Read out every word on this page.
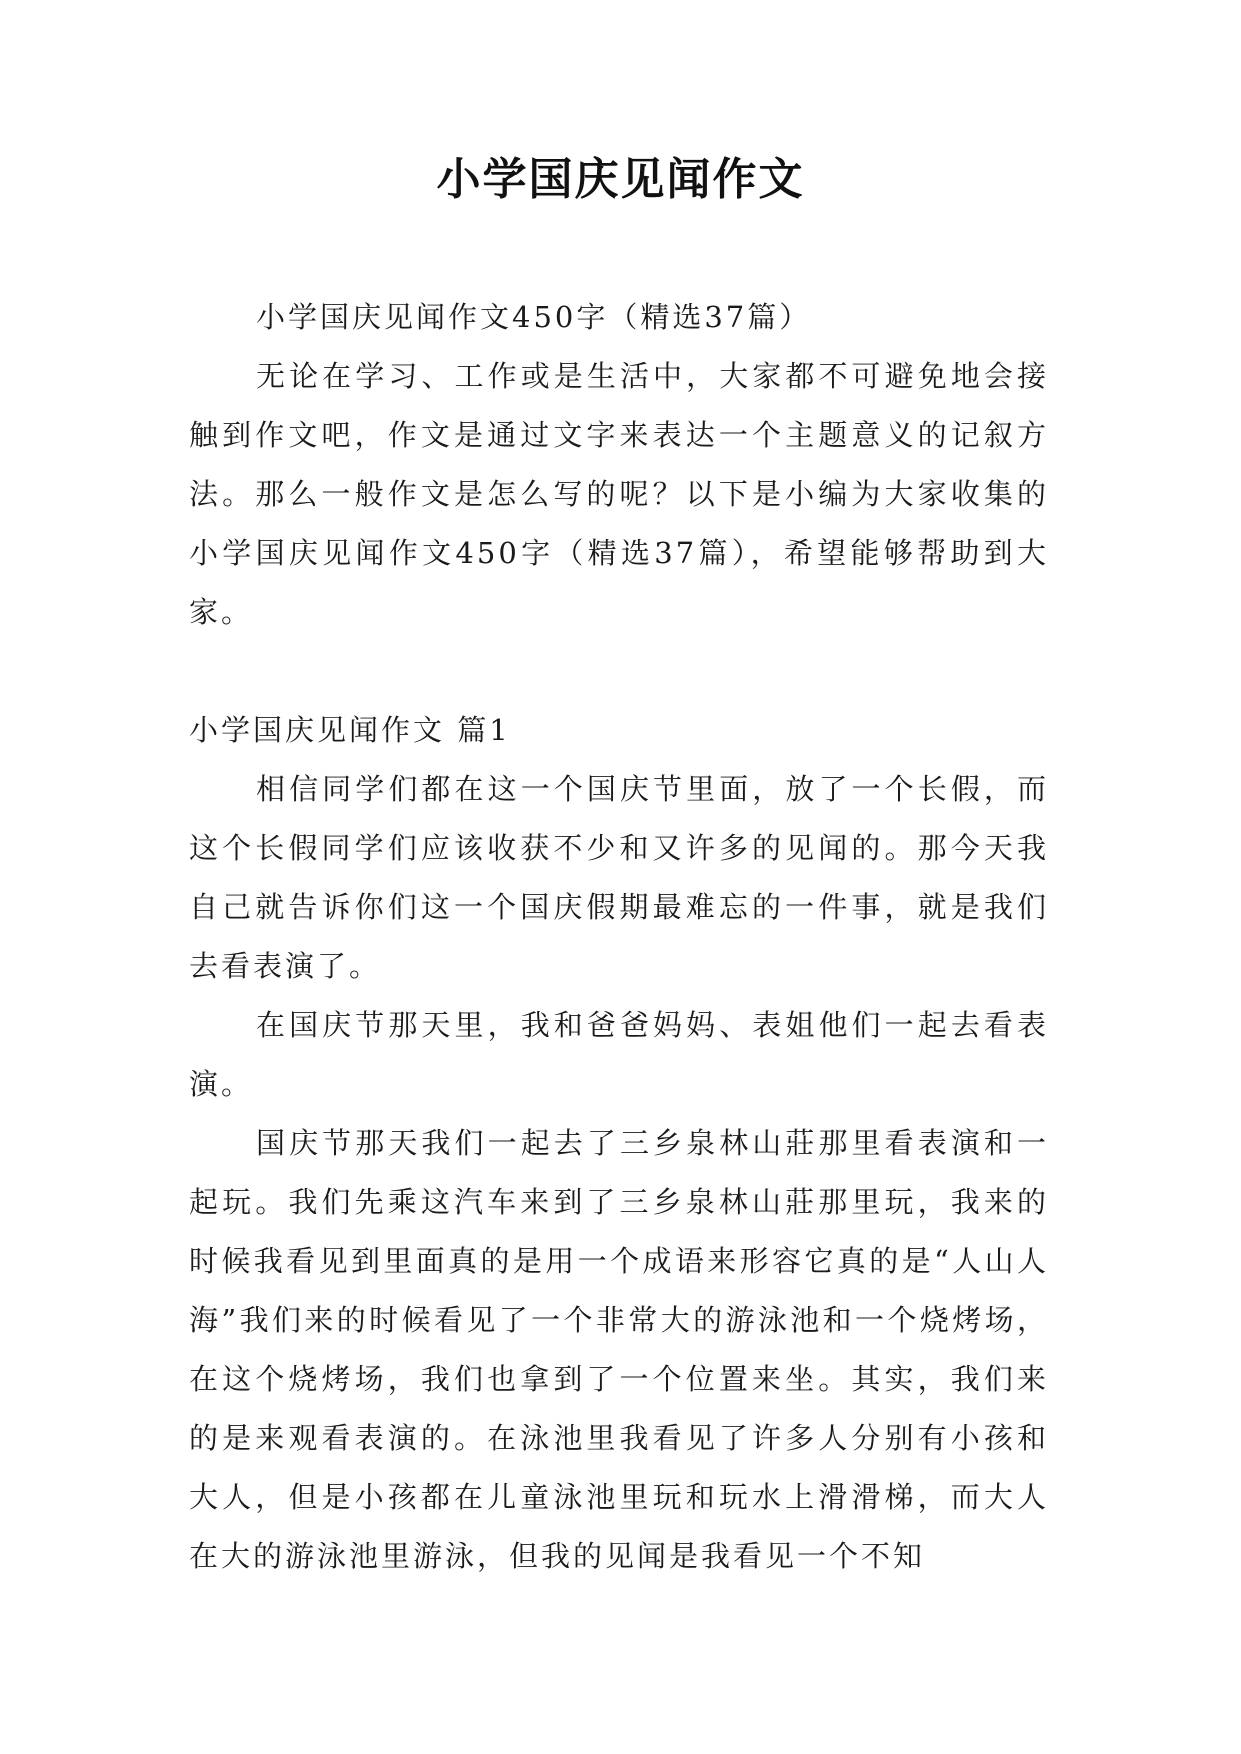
小学国庆见闻作文

小学国庆见闻作文450字（精选37篇）

无论在学习、工作或是生活中，大家都不可避免地会接触到作文吧，作文是通过文字来表达一个主题意义的记叙方法。那么一般作文是怎么写的呢？以下是小编为大家收集的小学国庆见闻作文450字（精选37篇），希望能够帮助到大家。

小学国庆见闻作文 篇1

相信同学们都在这一个国庆节里面，放了一个长假，而这个长假同学们应该收获不少和又许多的见闻的。那今天我自己就告诉你们这一个国庆假期最难忘的一件事，就是我们去看表演了。

在国庆节那天里，我和爸爸妈妈、表姐他们一起去看表演。

国庆节那天我们一起去了三乡泉林山莊那里看表演和一起玩。我们先乘这汽车来到了三乡泉林山莊那里玩，我来的时候我看见到里面真的是用一个成语来形容它真的是“人山人海”我们来的时候看见了一个非常大的游泳池和一个烧烤场，在这个烧烤场，我们也拿到了一个位置来坐。其实，我们来的是来观看表演的。在泳池里我看见了许多人分别有小孩和大人，但是小孩都在儿童泳池里玩和玩水上滑滑梯，而大人在大的游泳池里游泳，但我的见闻是我看见一个不知
